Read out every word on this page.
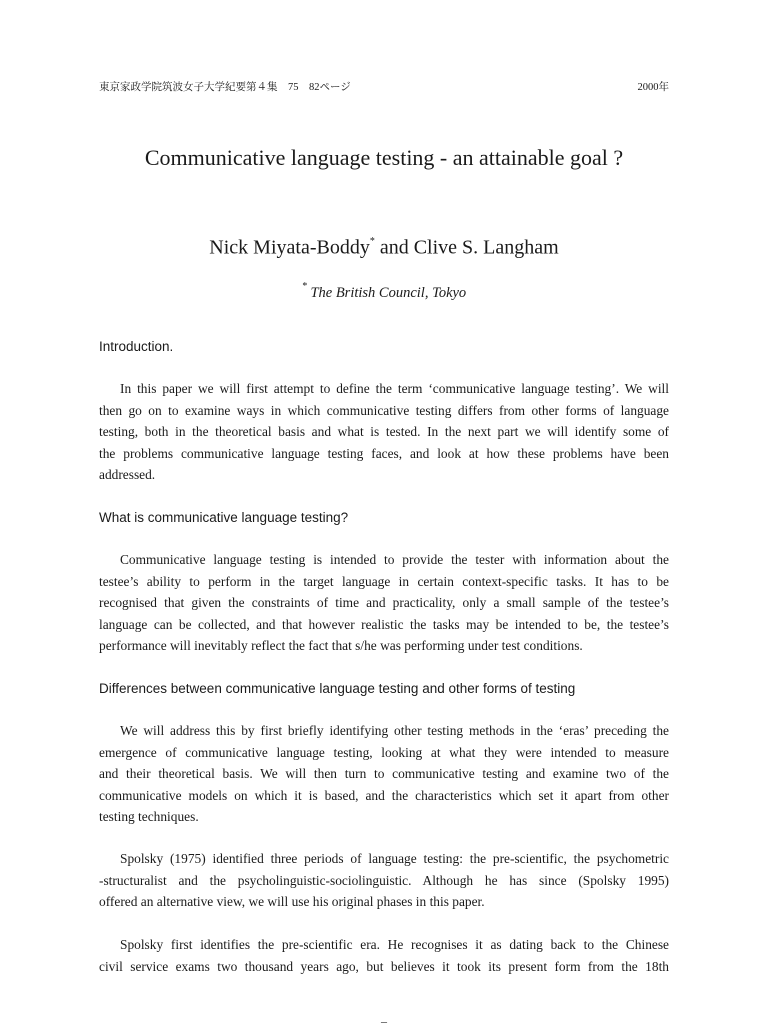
東京家政学院筑波女子大学紀要第４集　75　82ページ	2000年
Communicative language testing - an attainable goal ?
Nick Miyata-Boddy* and Clive S. Langham
* The British Council, Tokyo
Introduction.
In this paper we will first attempt to define the term ‘communicative language testing’. We will
then go on to examine ways in which communicative testing differs from other forms of language
testing, both in the theoretical basis and what is tested. In the next part we will identify some of
the problems communicative language testing faces, and look at how these problems have been
addressed.
What is communicative language testing?
Communicative language testing is intended to provide the tester with information about the
testee’s ability to perform in the target language in certain context-specific tasks. It has to be
recognised that given the constraints of time and practicality, only a small sample of the testee’s
language can be collected, and that however realistic the tasks may be intended to be, the testee’s
performance will inevitably reflect the fact that s/he was performing under test conditions.
Differences between communicative language testing and other forms of testing
We will address this by first briefly identifying other testing methods in the ‘eras’ preceding the
emergence of communicative language testing, looking at what they were intended to measure
and their theoretical basis. We will then turn to communicative testing and examine two of the
communicative models on which it is based, and the characteristics which set it apart from other
testing techniques.
Spolsky (1975) identified three periods of language testing: the pre-scientific, the psychometric
-structuralist and the psycholinguistic-sociolinguistic. Although he has since (Spolsky 1995)
offered an alternative view, we will use his original phases in this paper.
Spolsky first identifies the pre-scientific era. He recognises it as dating back to the Chinese
civil service exams two thousand years ago, but believes it took its present form from the 18th
–
